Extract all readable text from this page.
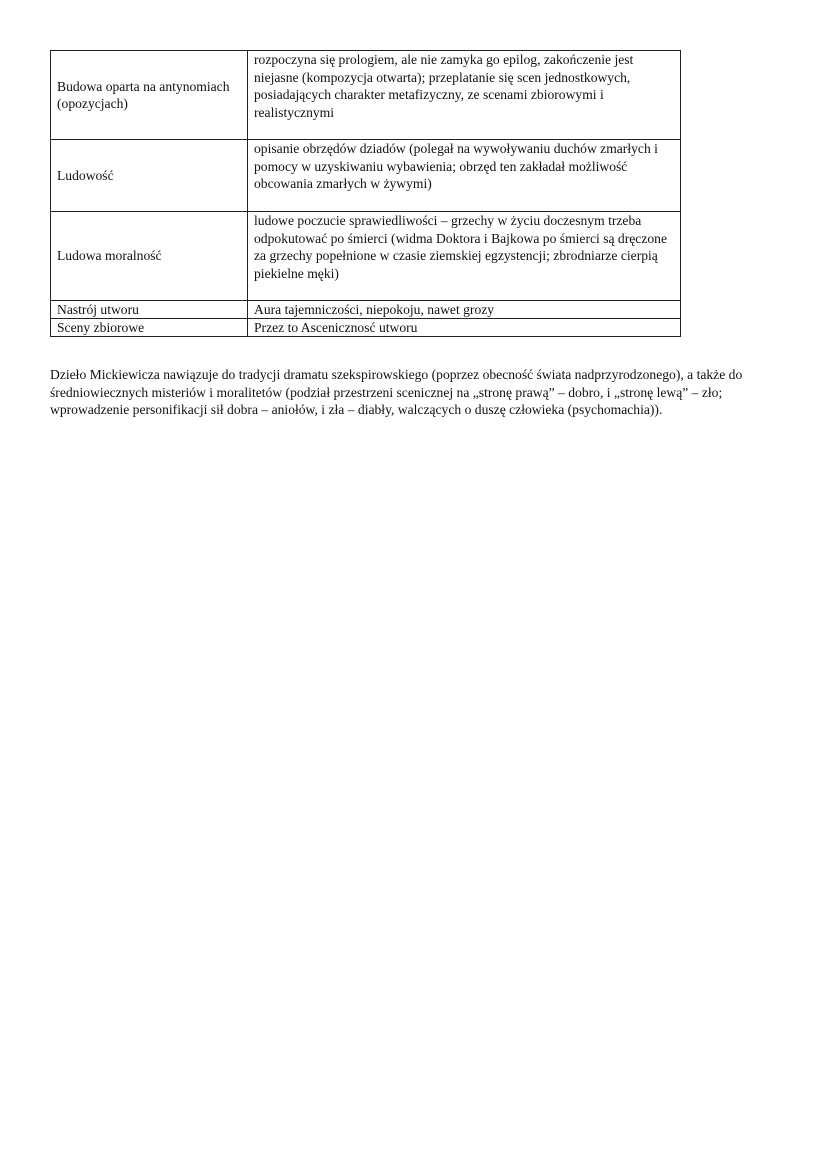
Budowa oparta na antynomiach (opozycjach)	rozpoczyna się prologiem, ale nie zamyka go epilog, zakończenie jest niejasne (kompozycja otwarta); przeplatanie się scen jednostkowych, posiadających charakter metafizyczny, ze scenami zbiorowymi i realistycznymi
Ludowość	opisanie obrzędów dziadów (polegał na wywoływaniu duchów zmarłych i pomocy w uzyskiwaniu wybawienia; obrzęd ten zakładał możliwość obcowania zmarłych w żywymi)
Ludowa moralność	ludowe poczucie sprawiedliwości – grzechy w życiu doczesnym trzeba odpokutować po śmierci (widma Doktora i Bajkowa po śmierci są dręczone za grzechy popełnione w czasie ziemskiej egzystencji; zbrodniarze cierpią piekielne męki)
Nastrój utworu	Aura tajemniczości, niepokoju, nawet grozy
Sceny zbiorowe	Przez to Ascenicznosć utworu

Dzieło Mickiewicza nawiązuje do tradycji dramatu szekspirowskiego (poprzez obecność świata nadprzyrodzonego), a także do średniowiecznych misteriów i moralitetów (podział przestrzeni scenicznej na „stronę prawą” – dobro, i „stronę lewą” – zło; wprowadzenie personifikacji sił dobra – aniołów, i zła – diabły, walczących o duszę człowieka (psychomachia)).
